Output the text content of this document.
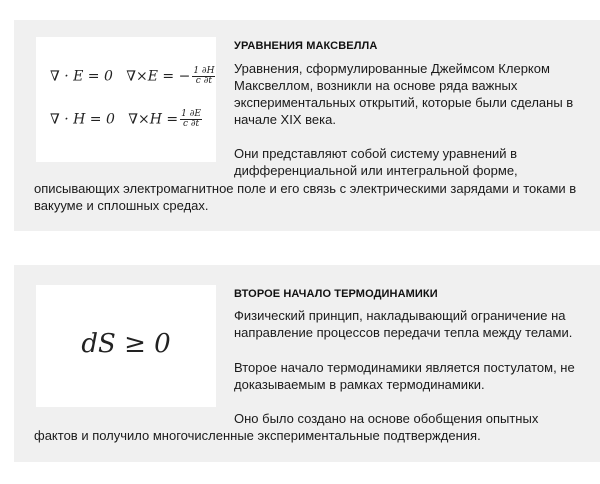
∇ · E = 0 ∇×E = − $\frac{1 \partial H}{c \partial t}$
∇ · H = 0 $\nabla\times H = \frac{1 \partial E}{c \partial t}$
УРАВНЕНИЯ МАКСВЕЛЛА

Уравнения, сформулированные Джеймсом Клерком Максвеллом, возникли на основе ряда важных экспериментальных открытий, которые были сделаны в начале XIX века.

Они представляют собой систему уравнений в дифференциальной или интегральной форме,

описывающих электромагнитное поле и его связь с электрическими зарядами и токами в вакууме и сплошных средах.

dS ≥ 0
ВТОРОЕ НАЧАЛО ТЕРМОДИНАМИКИ

Физический принцип, накладывающий ограничение на направление процессов передачи тепла между телами.

Второе начало термодинамики является постулатом, не доказываемым в рамках термодинамики.

Оно было создано на основе обобщения опытных

фактов и получило многочисленные экспериментальные подтверждения.
